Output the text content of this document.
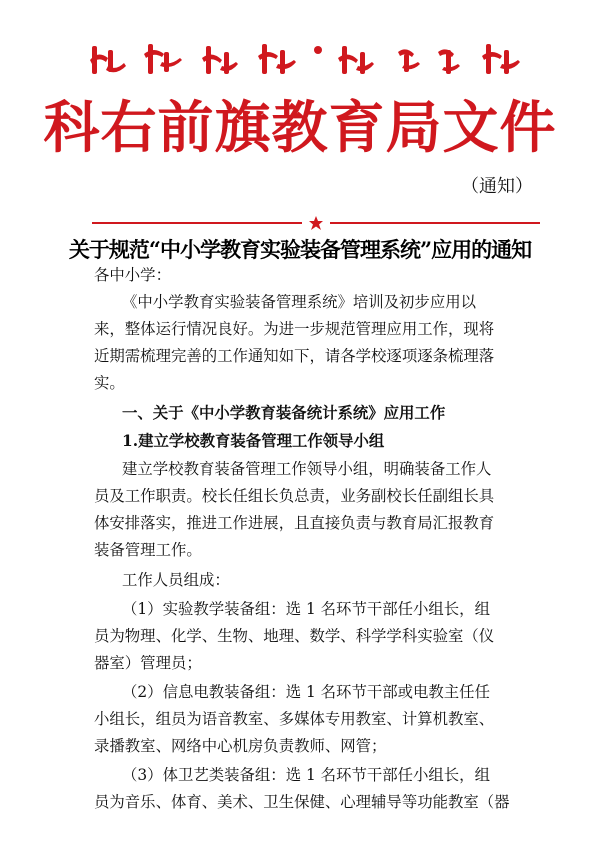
科右前旗教育局文件
（通知）
关于规范“中小学教育实验装备管理系统”应用的通知
各中小学：
《中小学教育实验装备管理系统》培训及初步应用以
来，整体运行情况良好。为进一步规范管理应用工作，现将
近期需梳理完善的工作通知如下，请各学校逐项逐条梳理落
实。
一、关于《中小学教育装备统计系统》应用工作
1.建立学校教育装备管理工作领导小组
建立学校教育装备管理工作领导小组，明确装备工作人
员及工作职责。校长任组长负总责，业务副校长任副组长具
体安排落实，推进工作进展，且直接负责与教育局汇报教育
装备管理工作。
工作人员组成：
（1）实验教学装备组：选 1 名环节干部任小组长，组
员为物理、化学、生物、地理、数学、科学学科实验室（仪
器室）管理员；
（2）信息电教装备组：选 1 名环节干部或电教主任任
小组长，组员为语音教室、多媒体专用教室、计算机教室、
录播教室、网络中心机房负责教师、网管；
（3）体卫艺类装备组：选 1 名环节干部任小组长，组
员为音乐、体育、美术、卫生保健、心理辅导等功能教室（器
